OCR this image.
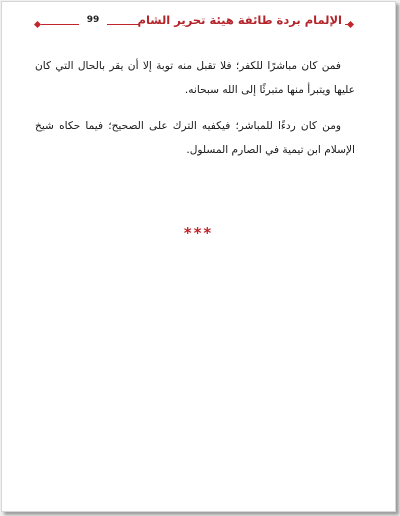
99	الإلمام بردة طائفة هيئة تحرير الشام

فمن كان مباشرًا للكفر؛ فلا تقبل منه توبة إلا أن يقر بالحال التي كان عليها ويتبرأ منها متبرئًا إلى الله سبحانه.

ومن كان ردءًا للمباشر؛ فيكفيه الترك على الصحيح؛ فيما حكاه شيخ الإسلام ابن تيمية في الصارم المسلول.

***
